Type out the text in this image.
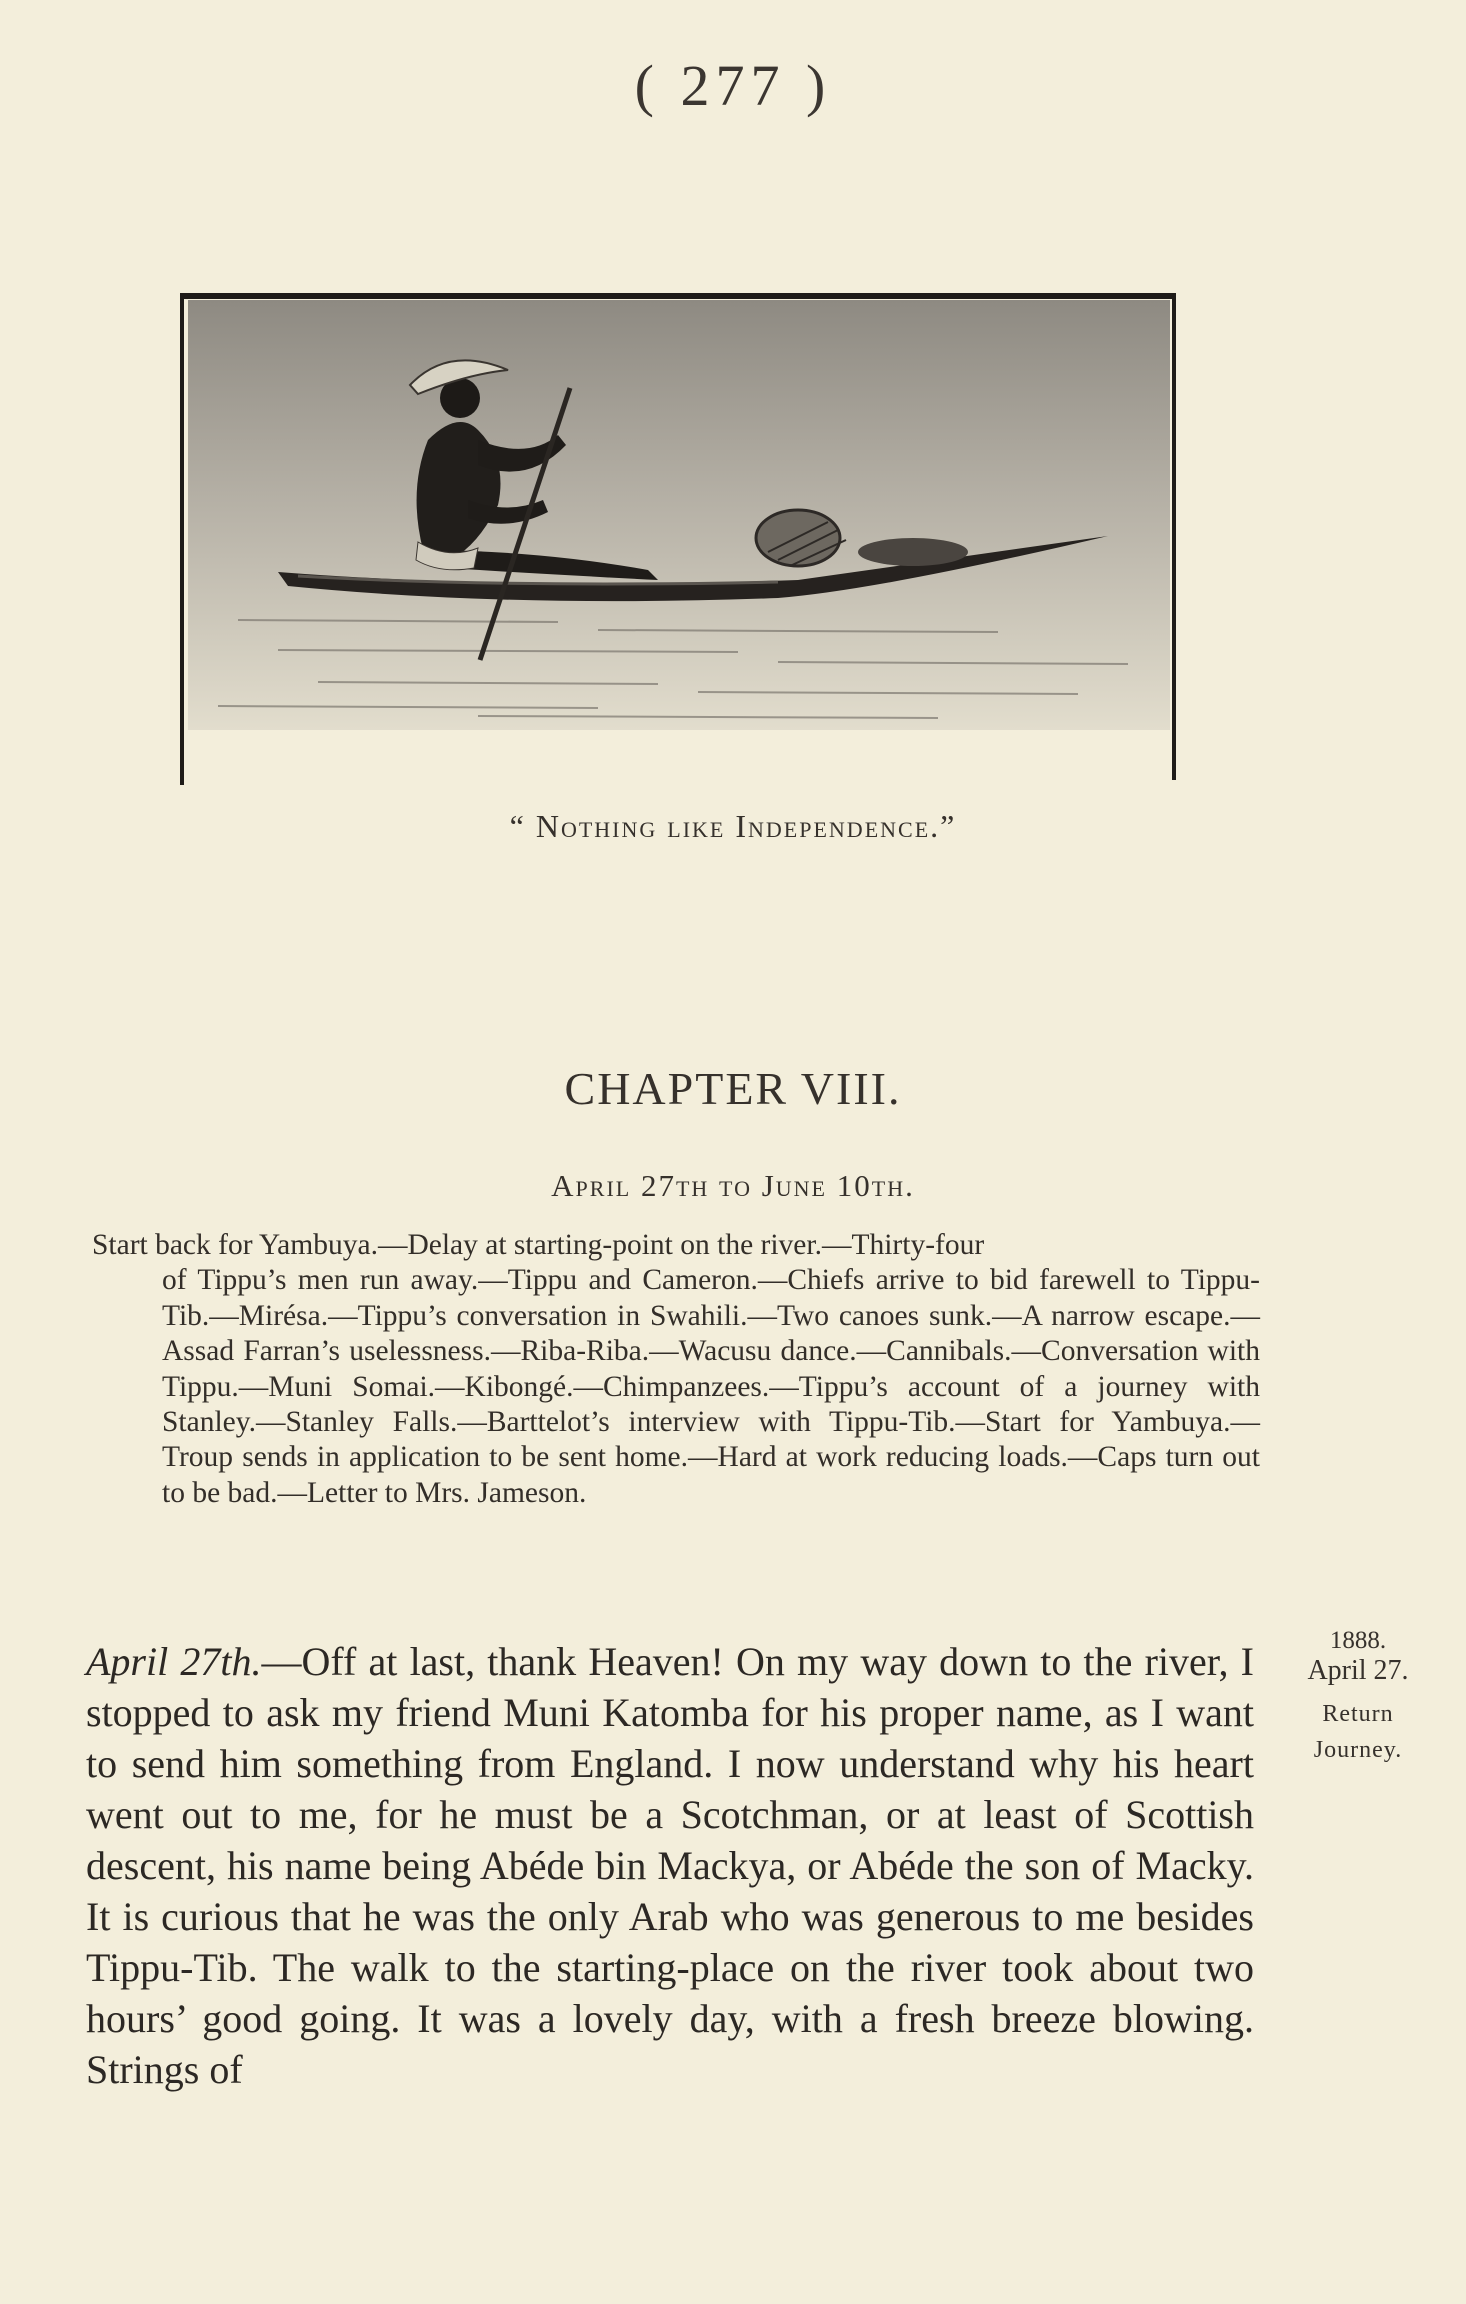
( 277 )
“ Nothing like Independence.”
CHAPTER VIII.
April 27th to June 10th.
Start back for Yambuya.—Delay at starting-point on the river.—Thirty-four
of Tippu’s men run away.—Tippu and Cameron.—Chiefs arrive to bid farewell to Tippu-Tib.—Mirésa.—Tippu’s conversation in Swahili.—Two canoes sunk.—A narrow escape.—Assad Farran’s uselessness.—Riba-Riba.—Wacusu dance.—Cannibals.—Conversation with Tippu.—Muni Somai.—Kibongé.—Chimpanzees.—Tippu’s account of a journey with Stanley.—Stanley Falls.—Barttelot’s interview with Tippu-Tib.—Start for Yambuya.—Troup sends in application to be sent home.—Hard at work reducing loads.—Caps turn out to be bad.—Letter to Mrs. Jameson.
1888.
April 27.
Return
Journey.
April 27th.—Off at last, thank Heaven! On my way down to the river, I stopped to ask my friend Muni Katomba for his proper name, as I want to send him something from England. I now understand why his heart went out to me, for he must be a Scotchman, or at least of Scottish descent, his name being Abéde bin Mackya, or Abéde the son of Macky. It is curious that he was the only Arab who was generous to me besides Tippu-Tib. The walk to the starting-place on the river took about two hours’ good going. It was a lovely day, with a fresh breeze blowing. Strings of
